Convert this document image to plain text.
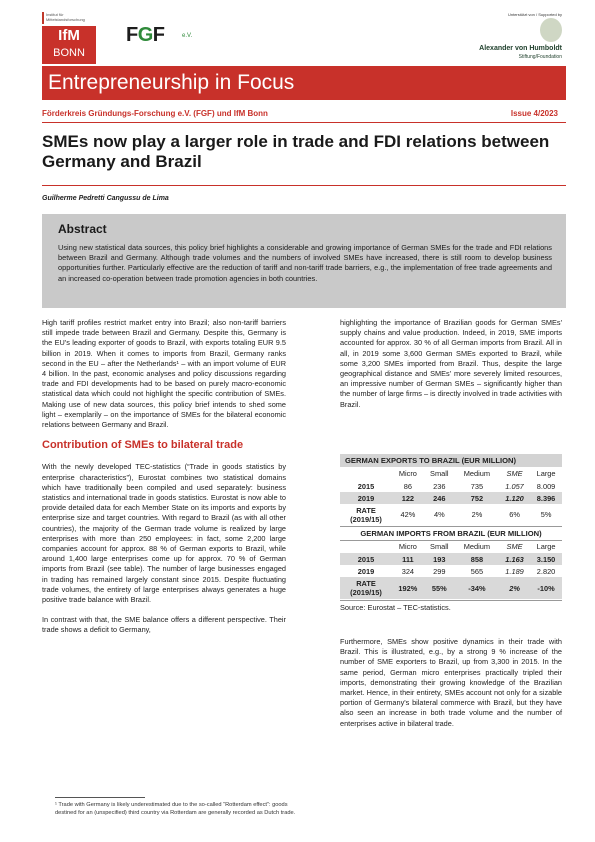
Institut für Mittelstandsforschung
IfM
BONN
FGF	e.V.
Unterstützt von / Supported by
Alexander von Humboldt
Stiftung/Foundation
Entrepreneurship in Focus
Förderkreis Gründungs-Forschung e.V. (FGF) und IfM Bonn	Issue 4/2023
SMEs now play a larger role in trade and FDI relations between Germany and Brazil
Guilherme Pedretti Cangussu de Lima
Abstract
Using new statistical data sources, this policy brief highlights a considerable and growing importance of German SMEs for the trade and FDI relations between Brazil and Germany. Although trade volumes and the numbers of involved SMEs have increased, there is still room to develop business opportunities further. Particularly effective are the reduction of tariff and non-tariff trade barriers, e.g., the implementation of free trade agreements and an increased co-operation between trade promotion agencies in both countries.

High tariff profiles restrict market entry into Brazil; also non-tariff barriers still impede trade between Brazil and Germany. Despite this, Germany is the EU's leading exporter of goods to Brazil, with exports totaling EUR 9.5 billion in 2019. When it comes to imports from Brazil, Germany ranks second in the EU – after the Netherlands¹ – with an import volume of EUR 4 billion. In the past, economic analyses and policy discussions regarding trade and FDI developments had to be based on purely macro-economic statistical data which could not highlight the specific contribution of SMEs. Making use of new data sources, this policy brief intends to shed some light – exemplarily – on the importance of SMEs for the bilateral economic relations between Germany and Brazil.

Contribution of SMEs to bilateral trade

With the newly developed TEC-statistics (“Trade in goods statistics by enterprise characteristics”), Eurostat combines two statistical domains which have traditionally been compiled and used separately: business statistics and international trade in goods statistics. Eurostat is now able to provide detailed data for each Member State on its imports and exports by enterprise size and target countries. With regard to Brazil (as with all other countries), the majority of the German trade volume is realized by large enterprises with more than 250 employees: in fact, some 2,200 large companies account for approx. 88 % of German exports to Brazil, while around 1,400 large enterprises come up for approx. 70 % of German imports from Brazil (see table). The number of large businesses engaged in trading has remained largely constant since 2015. Despite fluctuating trade volumes, the entirety of large enterprises always generates a huge positive trade balance with Brazil.

In contrast with that, the SME balance offers a different perspective. Their trade shows a deficit to Germany,

highlighting the importance of Brazilian goods for German SMEs' supply chains and value production. Indeed, in 2019, SME imports accounted for approx. 30 % of all German imports from Brazil. All in all, in 2019 some 3,600 German SMEs exported to Brazil, while some 3,200 SMEs imported from Brazil. Thus, despite the large geographical distance and SMEs' more severely limited resources, an impressive number of German SMEs – significantly higher than the number of large firms – is directly involved in trade activities with Brazil.

GERMAN EXPORTS TO BRAZIL (EUR MILLION)					
	Micro	Small	Medium	SME	Large
2015	86	236	735	1.057	8.009
2019	122	246	752	1.120	8.396
RATE
(2019/15)	42%	4%	2%	6%	5%
GERMAN IMPORTS FROM BRAZIL (EUR MILLION)					
	Micro	Small	Medium	SME	Large
2015	111	193	858	1.163	3.150
2019	324	299	565	1.189	2.820
RATE
(2019/15)	192%	55%	-34%	2%	-10%
Source: Eurostat – TEC-statistics.

Furthermore, SMEs show positive dynamics in their trade with Brazil. This is illustrated, e.g., by a strong 9 % increase of the number of SME exporters to Brazil, up from 3,300 in 2015. In the same period, German micro enterprises practically tripled their imports, demonstrating their growing knowledge of the Brazilian market. Hence, in their entirety, SMEs account not only for a sizable portion of Germany's bilateral commerce with Brazil, but they have also seen an increase in both trade volume and the number of enterprises active in bilateral trade.

¹ Trade with Germany is likely underestimated due to the so-called “Rotterdam effect”: goods destined for an (unspecified) third country via Rotterdam are generally recorded as Dutch trade.
